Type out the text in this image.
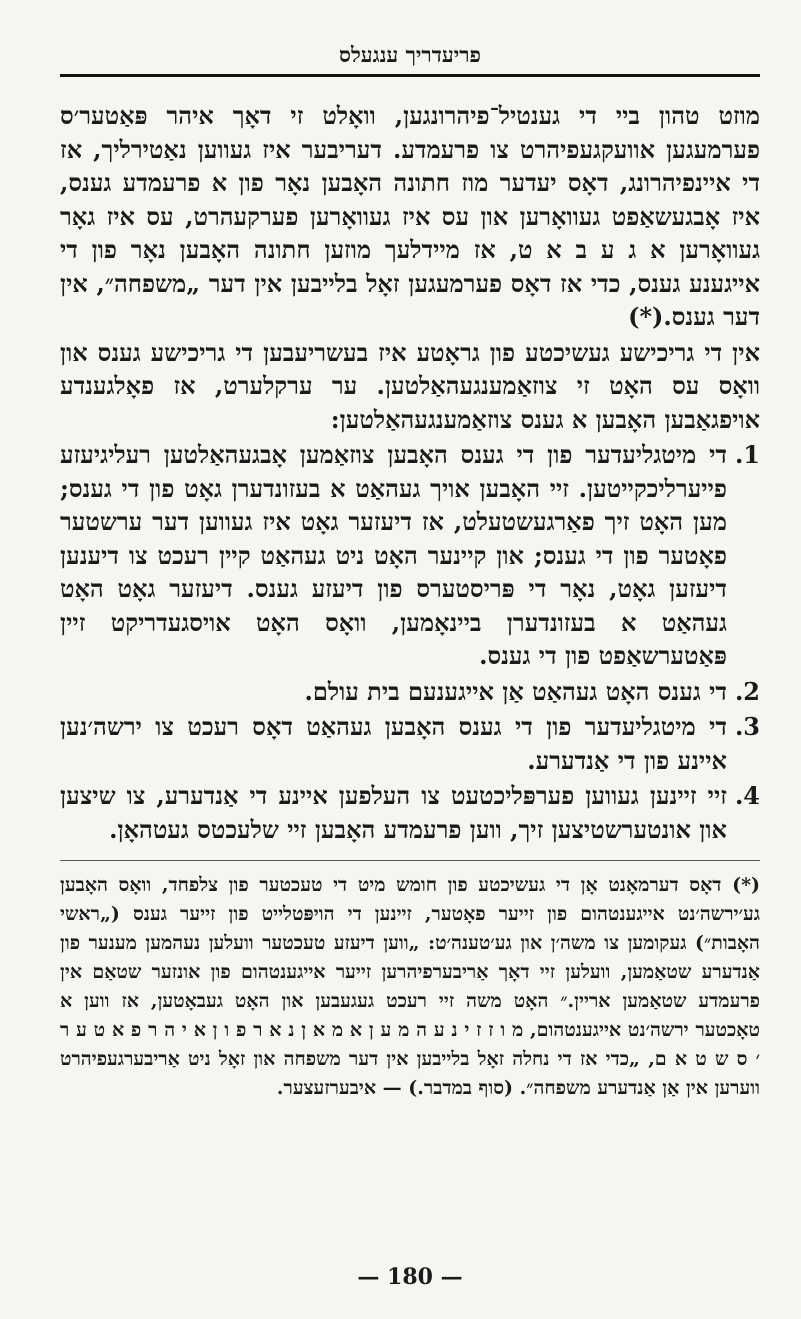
פריעדריך ענגעלס

מוזט טהון ביי די גענטיל־פיהרונגען, וואָלט זי דאָך איהר פּאַטער׳ס פערמעגען אוועקגעפיהרט צו פרעמדע. דעריבער איז געווען נאַטירליך, אז די איינפיהרונג, דאָס יעדער מוז חתונה האָבען נאָר פון א פרעמדע גענס, איז אָבגעשאַפט געוואָרען און עס איז געוואָרען פערקעהרט, עס איז גאָר געוואָרען א ג ע ב א ט, אז מיידלעך מוזען חתונה האָבען נאָר פון די אייגענע גענס, כדי אז דאָס פערמעגען זאָל בלייבען אין דער „משפחה״, אין דער גענס.(*)

אין די גריכישע געשיכטע פון גראָטע איז בעשריעבען די גריכישע גענס און וואָס עס האָט זי צוזאַמענגעהאַלטען. ער ערקלערט, אז פאָלגענדע אויפגאַבען האָבען א גענס צוזאַמענגעהאַלטען:

1.
די מיטגליעדער פון די גענס האָבען צוזאַמען אָבגעהאַלטען רעליגיעזע פייערליכקייטען. זיי האָבען אויך געהאַט א בעזונדערן גאָט פון די גענס; מען האָט זיך פאַרגעשטעלט, אז דיעזער גאָט איז געווען דער ערשטער פאָטער פון די גענס; און קיינער האָט ניט געהאַט קיין רעכט צו דיענען דיעזען גאָט, נאָר די פּריסטערס פון דיעזע גענס. דיעזער גאָט האָט געהאַט א בעזונדערן ביינאָמען, וואָס האָט אויסגעדריקט זיין פּאַטערשאַפט פון די גענס.

2.
די גענס האָט געהאַט אַן אייגענעם בית עולם.

3.
די מיטגליעדער פון די גענס האָבען געהאַט דאָס רעכט צו ירשה׳נען איינע פון די אַנדערע.

4.
זיי זיינען געווען פערפּליכטעט צו העלפען איינע די אַנדערע, צו שיצען און אונטערשטיצען זיך, ווען פרעמדע האָבען זיי שלעכטס געטהאָן.

(*) דאָס דערמאָנט אָן די געשיכטע פון חומש מיט די טעכטער פון צלפחד, וואָס האָבען גע׳ירשה׳נט אייגענטהום פון זייער פאָטער, זיינען די הויפּטלייט פון זייער גענס („ראשי האָבות״) געקומען צו משה׳ן און גע׳טענה׳ט: „ווען דיעזע טעכטער וועלען נעהמען מענער פון אַנדערע שטאַמען, וועלען זיי דאָך אַריבערפיהרען זייער אייגענטהום פון אונזער שטאַם אין פרעמדע שטאַמען אריין.״ האָט משה זיי רעכט געגעבען און האָט געבאָטען, אז ווען א טאָכטער ירשה׳נט אייגענטהום, מ ו ז ז י נ ע ה מ ע ן א מ א ן נ א ר פ ו ן א י ה ר פ א ט ע ר ׳ ס ש ט א ם, „כדי אז די נחלה זאָל בלייבען אין דער משפחה און זאָל ניט אַריבערגעפיהרט ווערען אין אַן אַנדערע משפחה״. (סוף במדבר.) — איבערזעצער.

— 180 —
